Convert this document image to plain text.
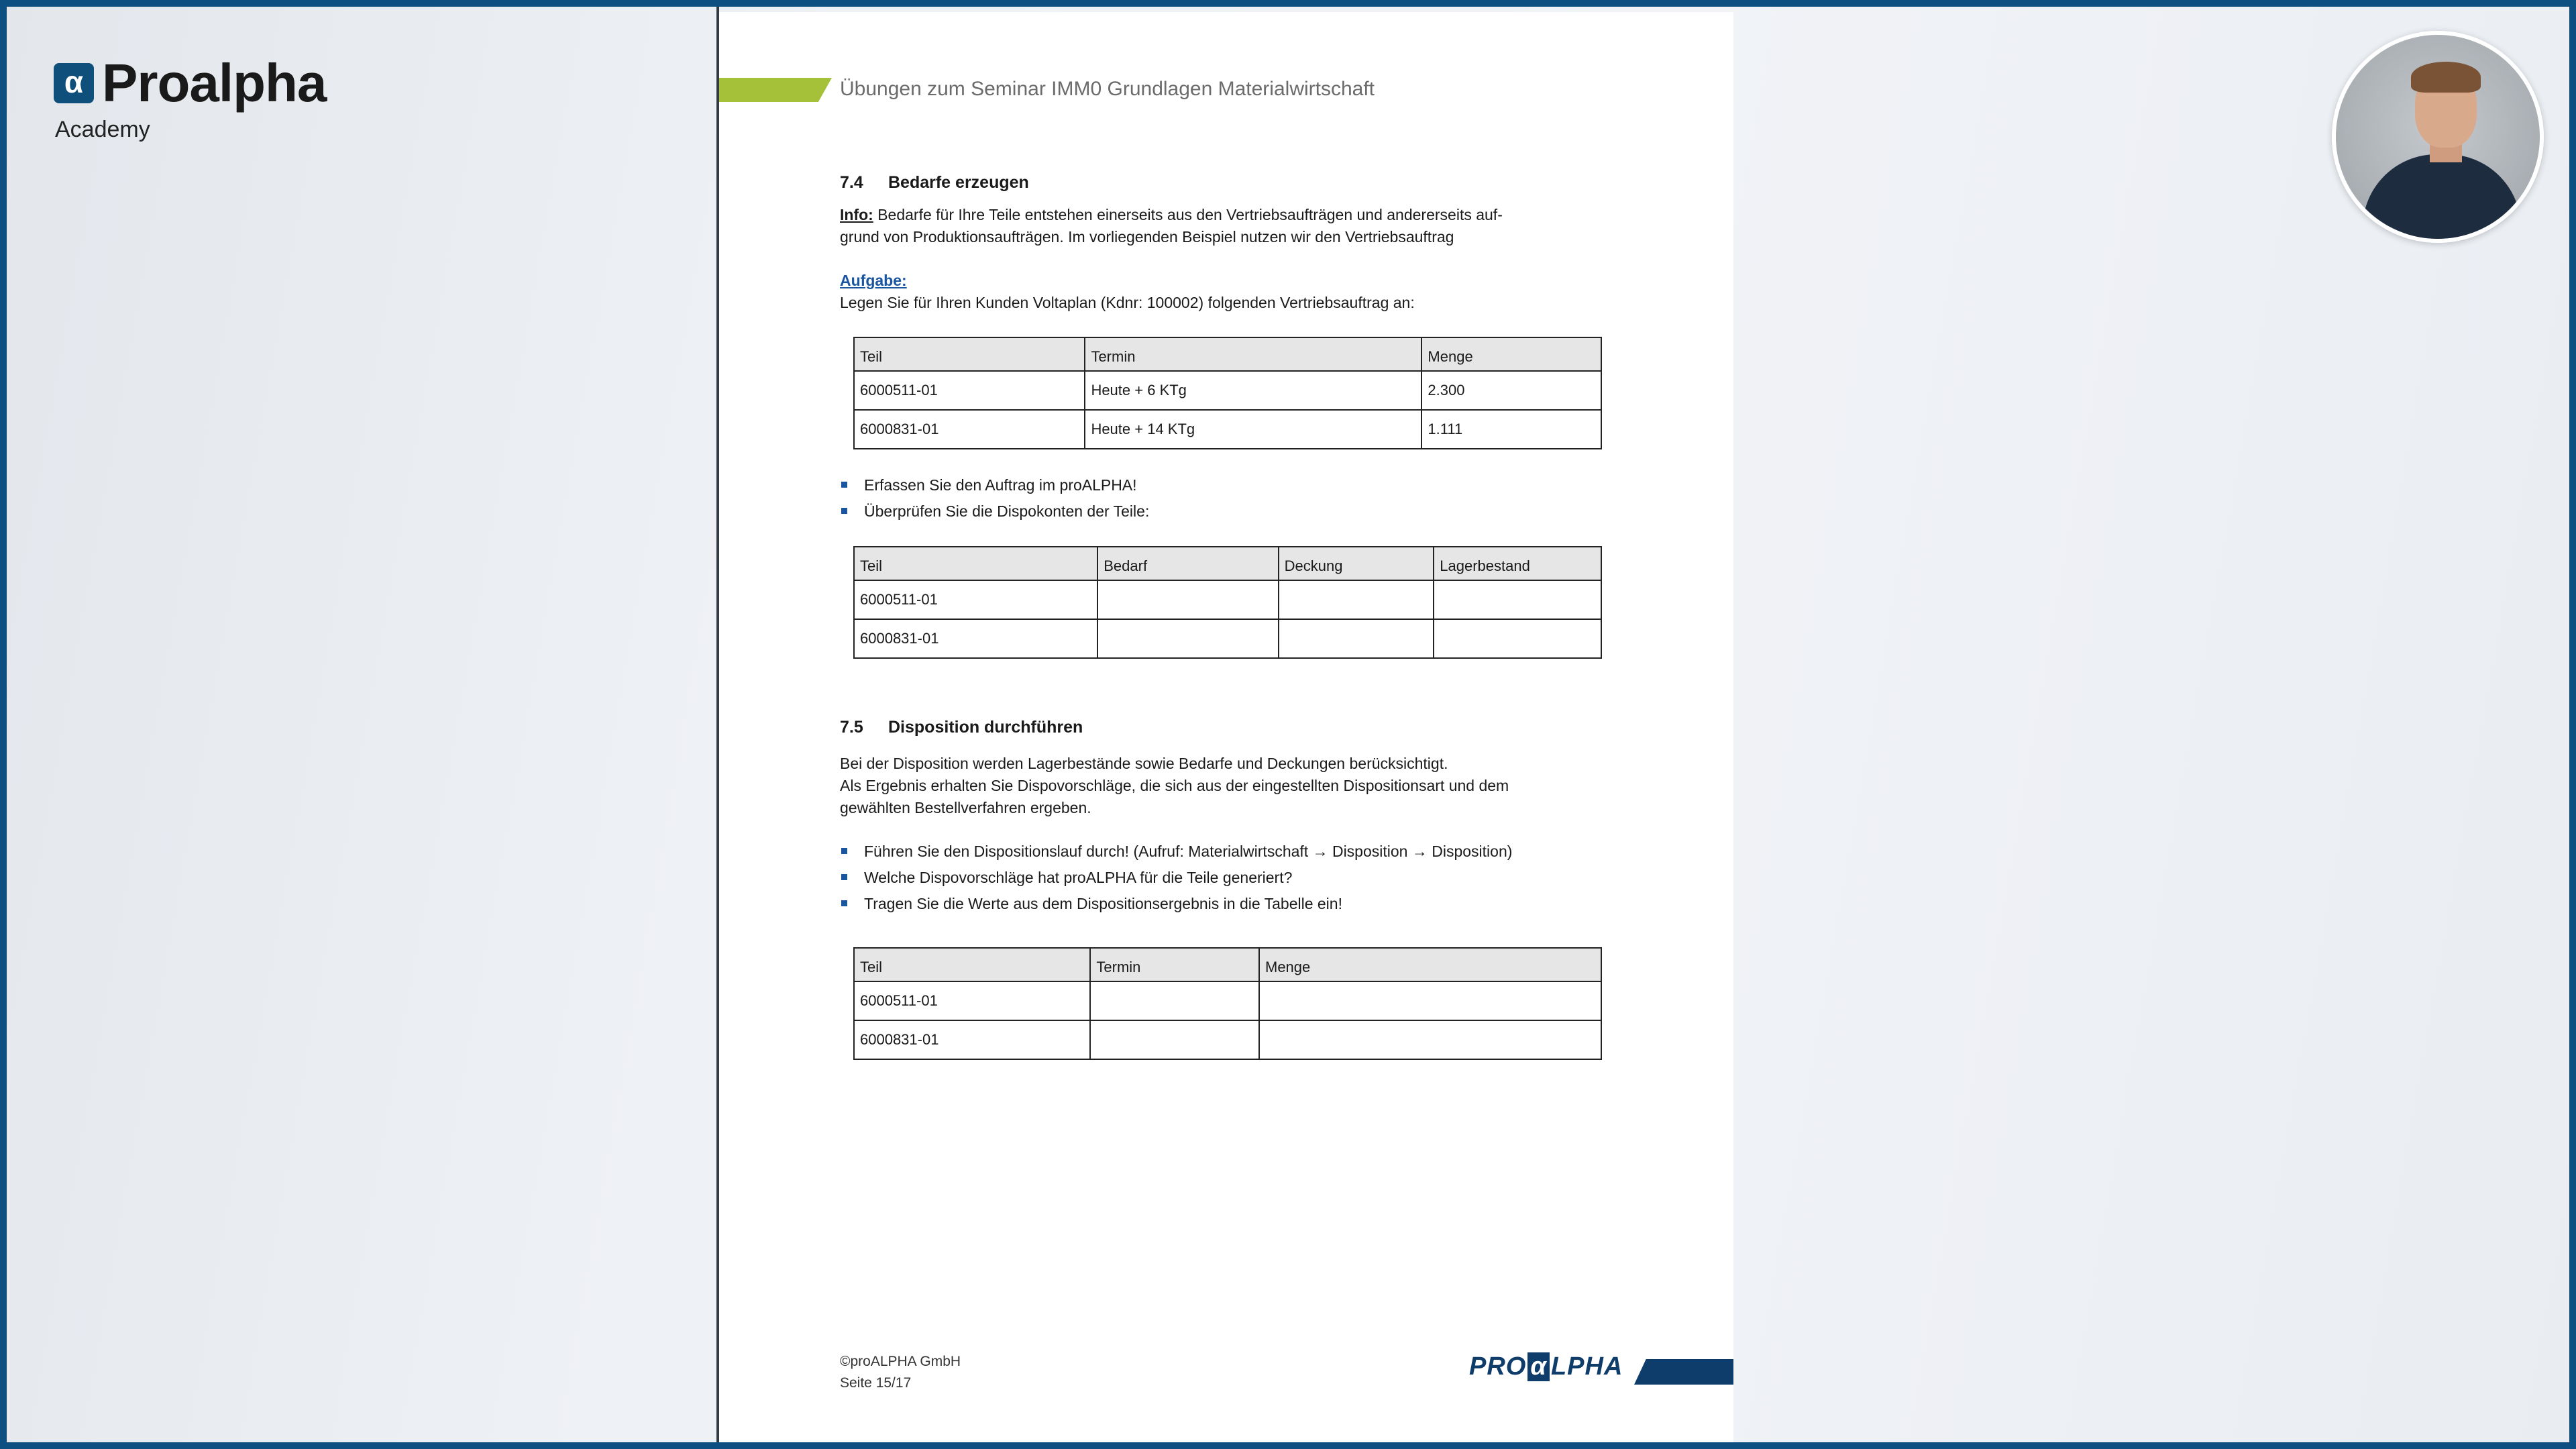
α Proalpha
Academy
Übungen zum Seminar IMM0 Grundlagen Materialwirtschaft
7.4 Bedarfe erzeugen
Info: Bedarfe für Ihre Teile entstehen einerseits aus den Vertriebsaufträgen und andererseits auf-
grund von Produktionsaufträgen. Im vorliegenden Beispiel nutzen wir den Vertriebsauftrag
Aufgabe:
Legen Sie für Ihren Kunden Voltaplan (Kdnr: 100002) folgenden Vertriebsauftrag an:
Teil	Termin	Menge
6000511-01	Heute + 6 KTg	2.300
6000831-01	Heute + 14 KTg	1.111
Erfassen Sie den Auftrag im proALPHA!
Überprüfen Sie die Dispokonten der Teile:
Teil	Bedarf	Deckung	Lagerbestand
6000511-01			
6000831-01			
7.5 Disposition durchführen
Bei der Disposition werden Lagerbestände sowie Bedarfe und Deckungen berücksichtigt.
Als Ergebnis erhalten Sie Dispovorschläge, die sich aus der eingestellten Dispositionsart und dem
gewählten Bestellverfahren ergeben.
Führen Sie den Dispositionslauf durch! (Aufruf: Materialwirtschaft → Disposition → Disposition)
Welche Dispovorschläge hat proALPHA für die Teile generiert?
Tragen Sie die Werte aus dem Dispositionsergebnis in die Tabelle ein!
Teil	Termin	Menge
6000511-01		
6000831-01		
©proALPHA GmbH
Seite 15/17
PRO α LPHA
